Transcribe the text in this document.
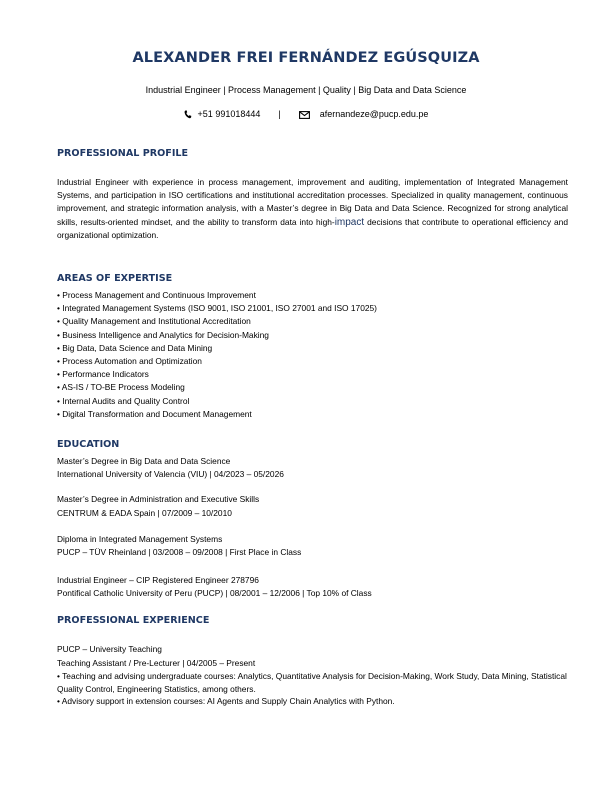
ALEXANDER FREI FERNÁNDEZ EGÚSQUIZA
Industrial Engineer | Process Management | Quality | Big Data and Data Science
+51 991018444 |	afernandeze@pucp.edu.pe
PROFESSIONAL PROFILE
Industrial Engineer with experience in process management, improvement and auditing, implementation of Integrated Management Systems, and participation in ISO certifications and institutional accreditation processes. Specialized in quality management, continuous improvement, and strategic information analysis, with a Master’s degree in Big Data and Data Science. Recognized for strong analytical skills, results-oriented mindset, and the ability to transform data into high-impact decisions that contribute to operational efficiency and organizational optimization.
AREAS OF EXPERTISE
• Process Management and Continuous Improvement
• Integrated Management Systems (ISO 9001, ISO 21001, ISO 27001 and ISO 17025)
• Quality Management and Institutional Accreditation
• Business Intelligence and Analytics for Decision-Making
• Big Data, Data Science and Data Mining
• Process Automation and Optimization
• Performance Indicators
• AS-IS / TO-BE Process Modeling
• Internal Audits and Quality Control
• Digital Transformation and Document Management
EDUCATION
Master’s Degree in Big Data and Data Science
International University of Valencia (VIU) | 04/2023 – 05/2026
Master’s Degree in Administration and Executive Skills
CENTRUM & EADA Spain | 07/2009 – 10/2010
Diploma in Integrated Management Systems
PUCP – TÜV Rheinland | 03/2008 – 09/2008 | First Place in Class
Industrial Engineer – CIP Registered Engineer 278796
Pontifical Catholic University of Peru (PUCP) | 08/2001 – 12/2006 | Top 10% of Class
PROFESSIONAL EXPERIENCE
PUCP – University Teaching
Teaching Assistant / Pre-Lecturer | 04/2005 – Present
• Teaching and advising undergraduate courses: Analytics, Quantitative Analysis for Decision-Making, Work Study, Data Mining, Statistical Quality Control, Engineering Statistics, among others.
• Advisory support in extension courses: AI Agents and Supply Chain Analytics with Python.
